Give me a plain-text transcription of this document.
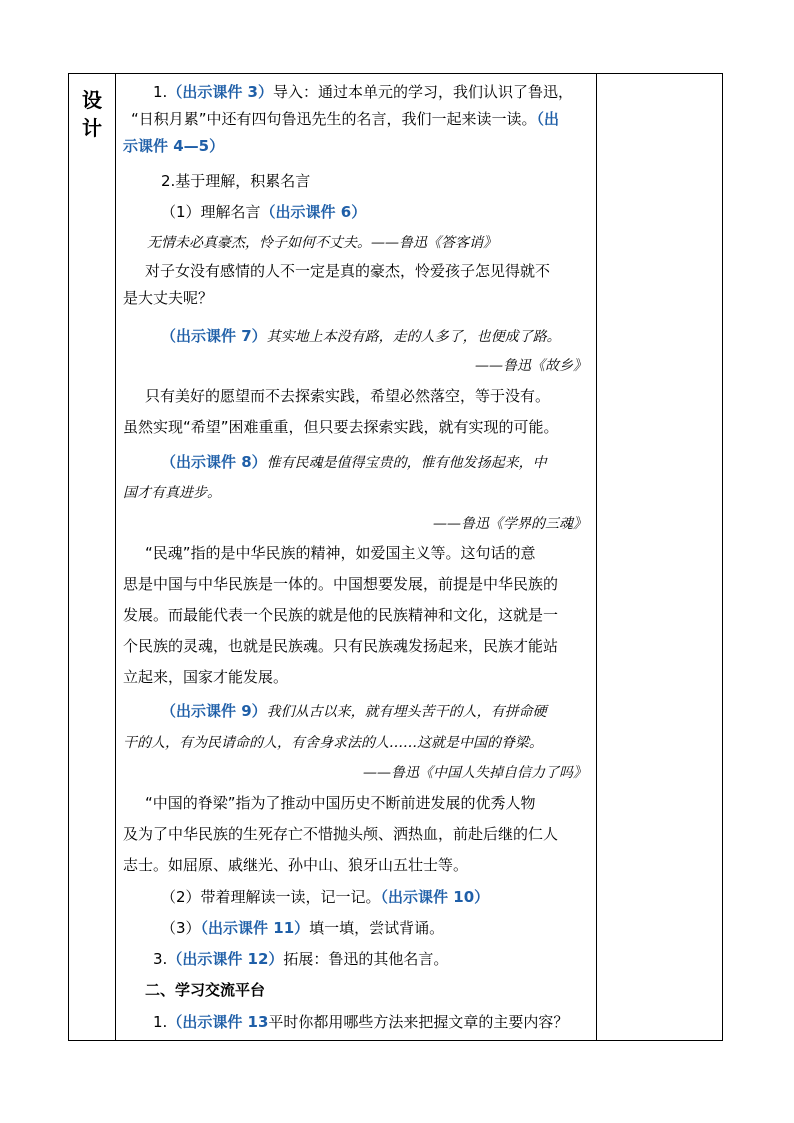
设
计
1.（出示课件 3）导入：通过本单元的学习，我们认识了鲁迅，
“日积月累”中还有四句鲁迅先生的名言，我们一起来读一读。（出
示课件 4—5）
2.基于理解，积累名言
（1）理解名言（出示课件 6）
无情未必真豪杰，怜子如何不丈夫。——鲁迅《答客诮》
对子女没有感情的人不一定是真的豪杰，怜爱孩子怎见得就不
是大丈夫呢？
（出示课件 7）其实地上本没有路，走的人多了，也便成了路。
——鲁迅《故乡》
只有美好的愿望而不去探索实践，希望必然落空，等于没有。
虽然实现“希望”困难重重，但只要去探索实践，就有实现的可能。
（出示课件 8）惟有民魂是值得宝贵的，惟有他发扬起来，中
国才有真进步。
——鲁迅《学界的三魂》
“民魂”指的是中华民族的精神，如爱国主义等。这句话的意
思是中国与中华民族是一体的。中国想要发展，前提是中华民族的
发展。而最能代表一个民族的就是他的民族精神和文化，这就是一
个民族的灵魂，也就是民族魂。只有民族魂发扬起来，民族才能站
立起来，国家才能发展。
（出示课件 9）我们从古以来，就有埋头苦干的人，有拼命硬
干的人，有为民请命的人，有舍身求法的人……这就是中国的脊梁。
——鲁迅《中国人失掉自信力了吗》
“中国的脊梁”指为了推动中国历史不断前进发展的优秀人物
及为了中华民族的生死存亡不惜抛头颅、洒热血，前赴后继的仁人
志士。如屈原、戚继光、孙中山、狼牙山五壮士等。
（2）带着理解读一读，记一记。（出示课件 10）
（3）（出示课件 11）填一填，尝试背诵。
3.（出示课件 12）拓展：鲁迅的其他名言。
二、学习交流平台
1.（出示课件 13平时你都用哪些方法来把握文章的主要内容？
